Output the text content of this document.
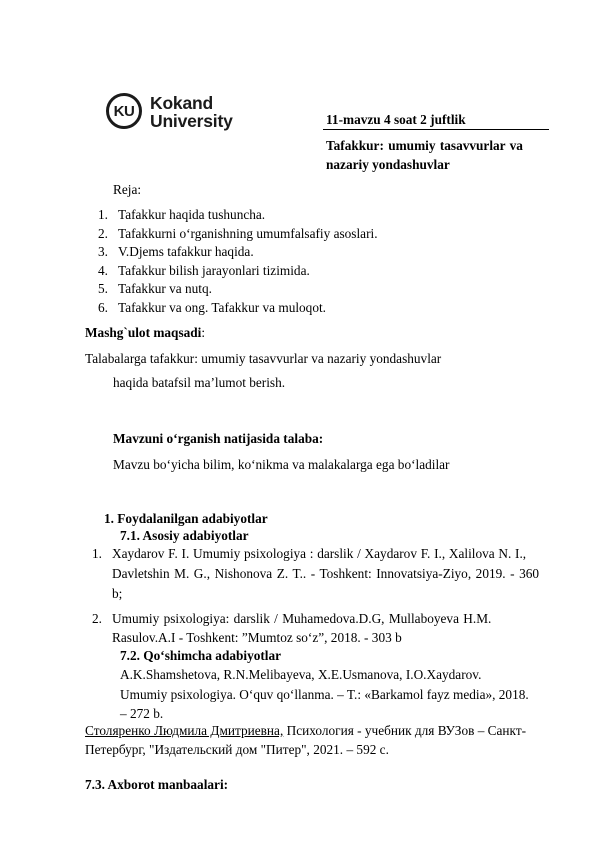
KU Kokand
University	11-mavzu 4 soat 2 juftlik
Tafakkur: umumiy tasavvurlar va
nazariy yondashuvlar
Reja:
1. Tafakkur haqida tushuncha.
2. Tafakkurni o‘rganishning umumfalsafiy asoslari.
3. V.Djems tafakkur haqida.
4. Tafakkur bilish jarayonlari tizimida.
5. Tafakkur va nutq.
6. Tafakkur va ong. Tafakkur va muloqot.
Mashg`ulot maqsadi:
Talabalarga tafakkur: umumiy tasavvurlar va nazariy yondashuvlar
haqida batafsil ma’lumot berish.
Mavzuni o‘rganish natijasida talaba:
Mavzu bo‘yicha bilim, ko‘nikma va malakalarga ega bo‘ladilar
1. Foydalanilgan adabiyotlar
7.1. Asosiy adabiyotlar
1. Xaydarov F. I. Umumiy psixologiya : darslik / Xaydarov F. I., Xalilova N. I.,
Davletshin M. G., Nishonova Z. T.. - Toshkent: Innovatsiya-Ziyo, 2019. - 360
b;
2. Umumiy psixologiya: darslik / Muhamedova.D.G, Mullaboyeva H.M.
Rasulov.A.I - Toshkent: ”Mumtoz so‘z”, 2018. - 303 b
7.2. Qo‘shimcha adabiyotlar
A.K.Shamshetova, R.N.Melibayeva, X.E.Usmanova, I.O.Xaydarov.
Umumiy psixologiya. O‘quv qo‘llanma. – T.: «Barkamol fayz media», 2018.
– 272 b.
Столяренко Людмила Дмитриевна, Психология - учебник для ВУЗов – Санкт-
Петербург, "Издательский дом "Питер", 2021. – 592 с.
7.3. Axborot manbaalari:
